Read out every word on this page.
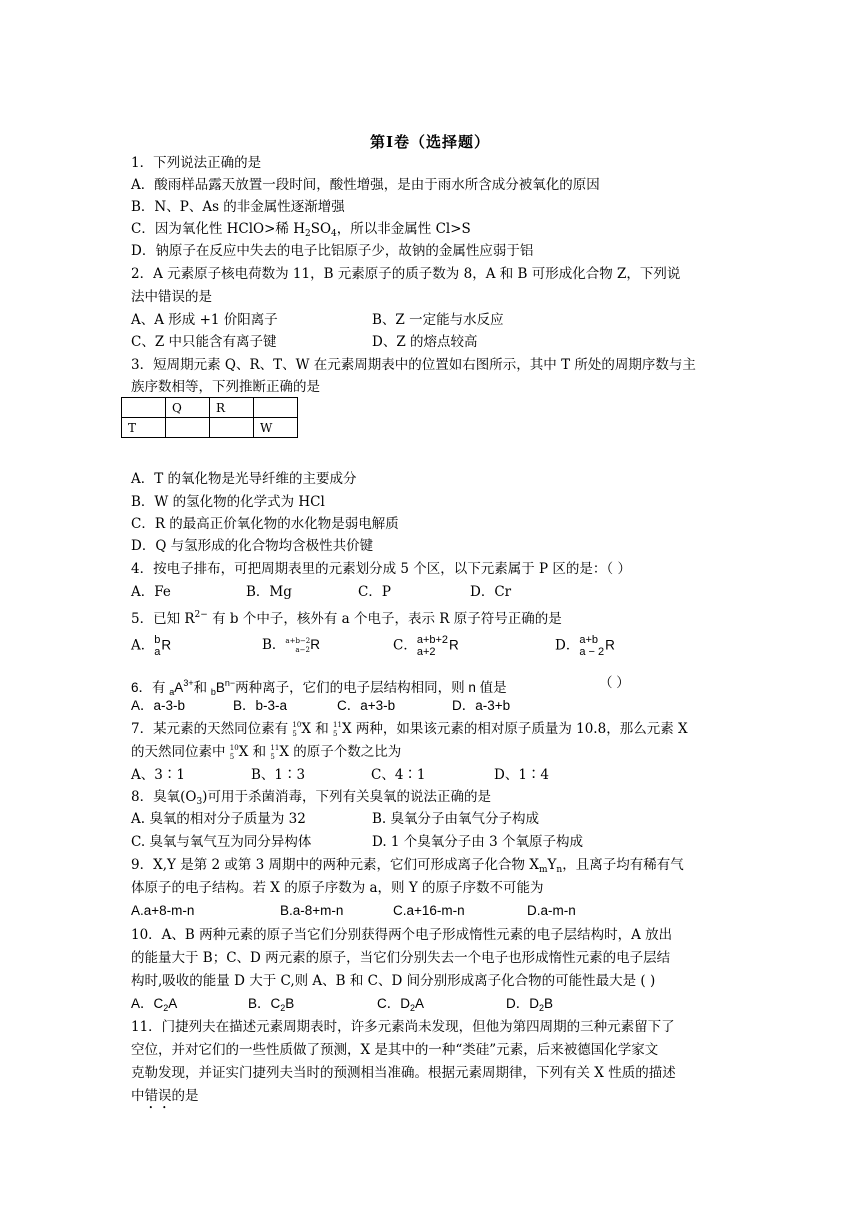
第Ⅰ卷（选择题）
1．下列说法正确的是
A．酸雨样品露天放置一段时间，酸性增强，是由于雨水所含成分被氧化的原因
B．N、P、As 的非金属性逐渐增强
C．因为氧化性 HClO>稀 $H_2SO_4$，所以非金属性 Cl>S
D．钠原子在反应中失去的电子比铝原子少，故钠的金属性应弱于铝
2．A 元素原子核电荷数为 11，B 元素原子的质子数为 8，A 和 B 可形成化合物 Z，下列说
法中错误的是
A、A 形成 +1 价阳离子	B、Z 一定能与水反应
C、Z 中只能含有离子键	D、Z 的熔点较高
3．短周期元素 Q、R、T、W 在元素周期表中的位置如右图所示，其中 T 所处的周期序数与主
族序数相等，下列推断正确的是
	Q	R	
T			W
A．T 的氧化物是光导纤维的主要成分
B．W 的氢化物的化学式为 HCl
C．R 的最高正价氧化物的水化物是弱电解质
D．Q 与氢形成的化合物均含极性共价键
4．按电子排布，可把周期表里的元素划分成 5 个区，以下元素属于 P 区的是：（ ）
A．Fe	B．Mg	C．P	D．Cr
5．已知 $R^{2-}$ 有 b 个中子，核外有 a 个电子，表示 R 原子符号正确的是
A． b
a R	B． a+b−2
a−2 R	C． a+b+2
a+2	R	D． a+b
a − 2 R
6．有 $_aA^{3+}$和 $_bB^{n-}$两种离子，它们的电子层结构相同，则 n 值是	（ ）
A．a-3-b	B．b-3-a	C．a+3-b	D．a-3+b
7．某元素的天然同位素有 10
5 X 和 11
5 X 两种，如果该元素的相对原子质量为 10.8，那么元素 X
的天然同位素中 10
5 X 和 11
5 X 的原子个数之比为
A、3∶1	B、1∶3	C、4∶1	D、1∶4
8．臭氧$(O_3)$可用于杀菌消毒，下列有关臭氧的说法正确的是
A. 臭氧的相对分子质量为 32	B. 臭氧分子由氧气分子构成
C. 臭氧与氧气互为同分异构体	D. 1 个臭氧分子由 3 个氧原子构成
9．X,Y 是第 2 或第 3 周期中的两种元素，它们可形成离子化合物 $X_mY_n$，且离子均有稀有气
体原子的电子结构。若 X 的原子序数为 a，则 Y 的原子序数不可能为
A.a+8-m-n	B.a-8+m-n	C.a+16-m-n	D.a-m-n
10．A、B 两种元素的原子当它们分别获得两个电子形成惰性元素的电子层结构时，A 放出
的能量大于 B；C、D 两元素的原子，当它们分别失去一个电子也形成惰性元素的电子层结
构时,吸收的能量 D 大于 C,则 A、B 和 C、D 间分别形成离子化合物的可能性最大是 ( )
A．$C_2A$	B．$C_2B$	C．$D_2A$	D．$D_2B$
11．门捷列夫在描述元素周期表时，许多元素尚未发现，但他为第四周期的三种元素留下了
空位，并对它们的一些性质做了预测，X 是其中的一种“类硅”元素，后来被德国化学家文
克勒发现，并证实门捷列夫当时的预测相当准确。根据元素周期律，下列有关 X 性质的描述
中错误的是
